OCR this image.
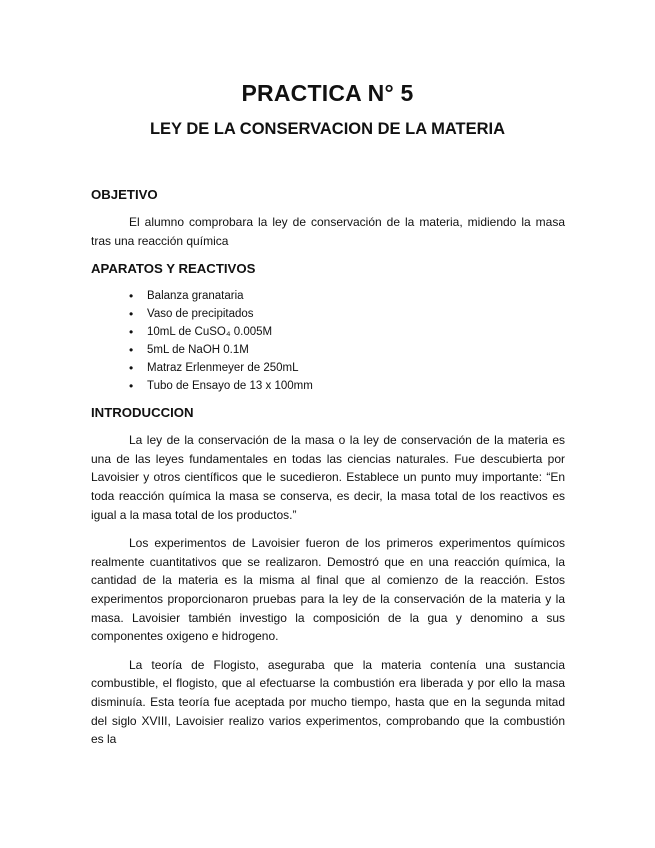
PRACTICA N° 5
LEY DE LA CONSERVACION DE LA MATERIA
OBJETIVO

El alumno comprobara la ley de conservación de la materia, midiendo la masa tras una reacción química

APARATOS Y REACTIVOS
• Balanza granataria
• Vaso de precipitados
• 10mL de CuSO₄ 0.005M
• 5mL de NaOH 0.1M
• Matraz Erlenmeyer de 250mL
• Tubo de Ensayo de 13 x 100mm
INTRODUCCION

La ley de la conservación de la masa o la ley de conservación de la materia es una de las leyes fundamentales en todas las ciencias naturales. Fue descubierta por Lavoisier y otros científicos que le sucedieron. Establece un punto muy importante: “En toda reacción química la masa se conserva, es decir, la masa total de los reactivos es igual a la masa total de los productos.”

Los experimentos de Lavoisier fueron de los primeros experimentos químicos realmente cuantitativos que se realizaron. Demostró que en una reacción química, la cantidad de la materia es la misma al final que al comienzo de la reacción. Estos experimentos proporcionaron pruebas para la ley de la conservación de la materia y la masa. Lavoisier también investigo la composición de la gua y denomino a sus componentes oxigeno e hidrogeno.

La teoría de Flogisto, aseguraba que la materia contenía una sustancia combustible, el flogisto, que al efectuarse la combustión era liberada y por ello la masa disminuía. Esta teoría fue aceptada por mucho tiempo, hasta que en la segunda mitad del siglo XVIII, Lavoisier realizo varios experimentos, comprobando que la combustión es la
